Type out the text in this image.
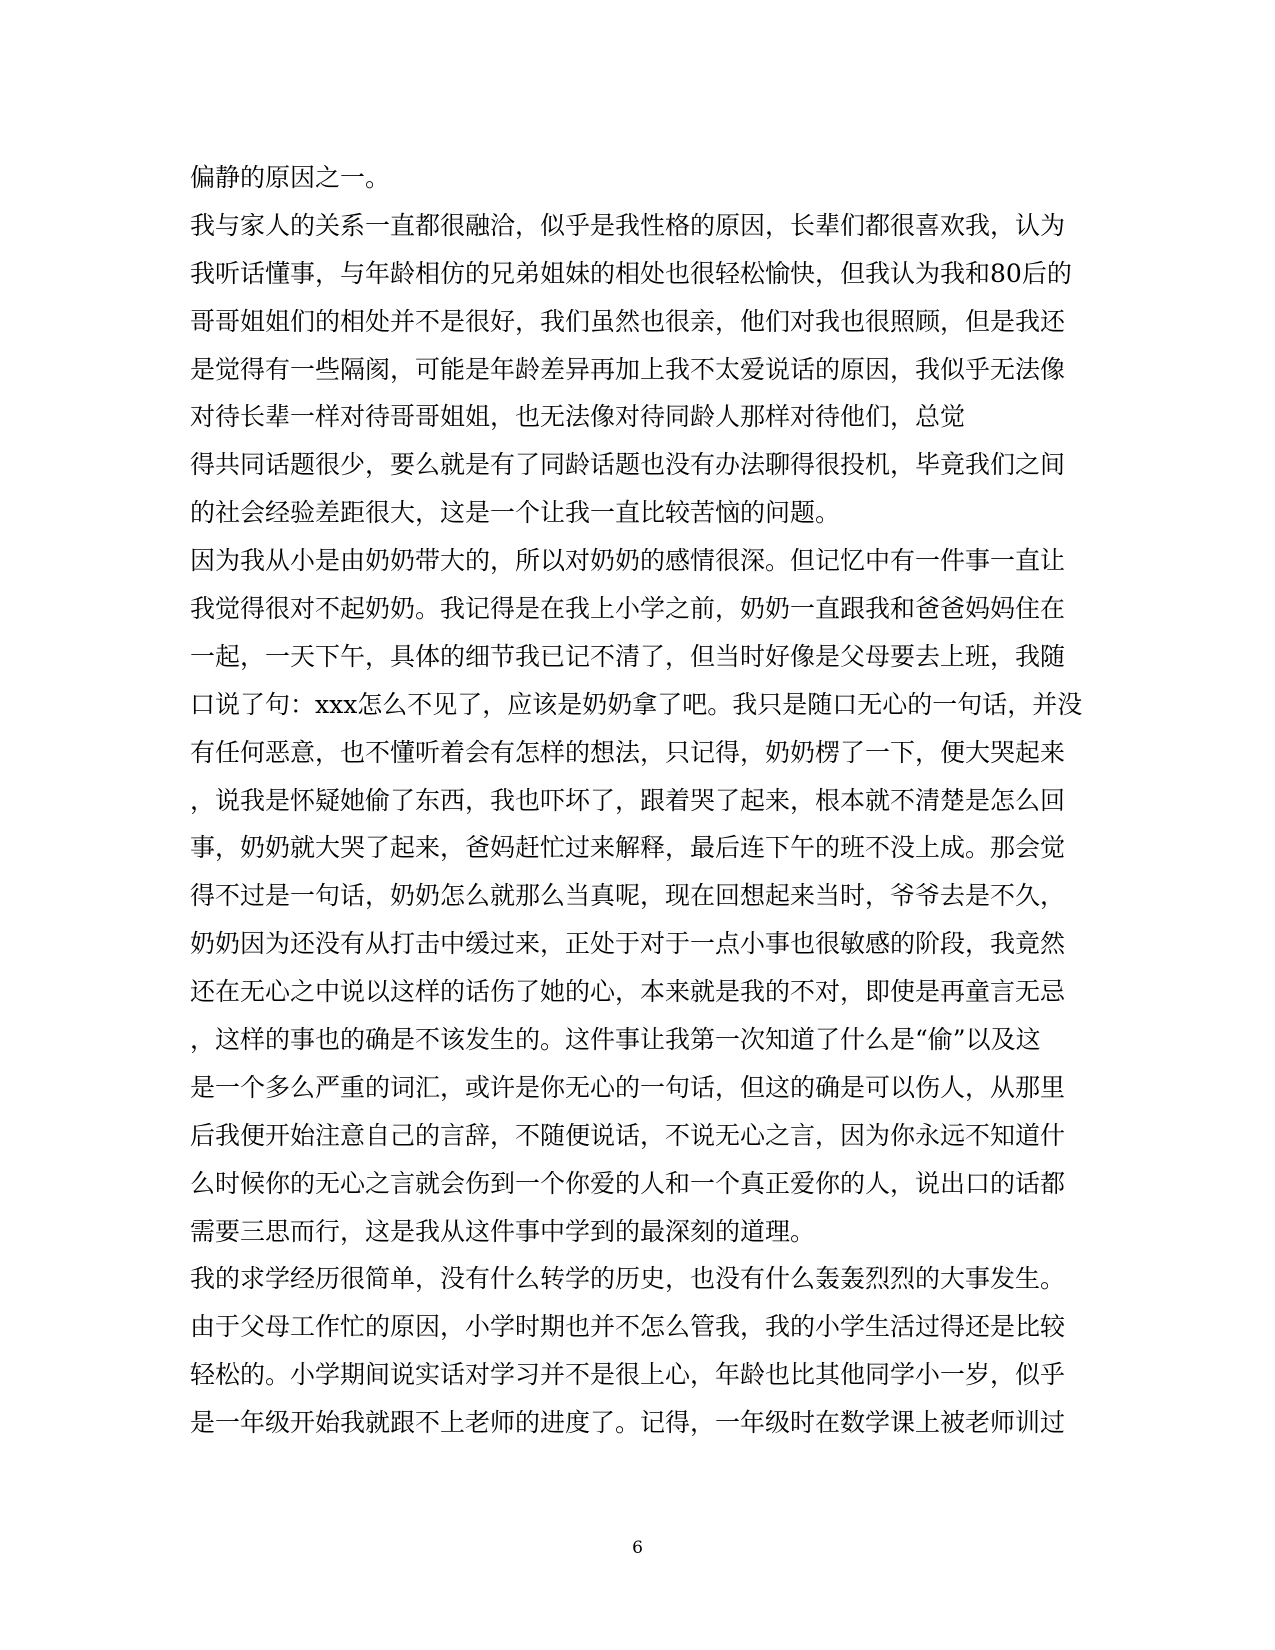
偏静的原因之一。
我与家人的关系一直都很融洽，似乎是我性格的原因，长辈们都很喜欢我，认为
我听话懂事，与年龄相仿的兄弟姐妹的相处也很轻松愉快，但我认为我和80后的
哥哥姐姐们的相处并不是很好，我们虽然也很亲，他们对我也很照顾，但是我还
是觉得有一些隔阂，可能是年龄差异再加上我不太爱说话的原因，我似乎无法像
对待长辈一样对待哥哥姐姐，也无法像对待同龄人那样对待他们，总觉
得共同话题很少，要么就是有了同龄话题也没有办法聊得很投机，毕竟我们之间
的社会经验差距很大，这是一个让我一直比较苦恼的问题。
因为我从小是由奶奶带大的，所以对奶奶的感情很深。但记忆中有一件事一直让
我觉得很对不起奶奶。我记得是在我上小学之前，奶奶一直跟我和爸爸妈妈住在
一起，一天下午，具体的细节我已记不清了，但当时好像是父母要去上班，我随
口说了句：xxx怎么不见了，应该是奶奶拿了吧。我只是随口无心的一句话，并没
有任何恶意，也不懂听着会有怎样的想法，只记得，奶奶楞了一下，便大哭起来
，说我是怀疑她偷了东西，我也吓坏了，跟着哭了起来，根本就不清楚是怎么回
事，奶奶就大哭了起来，爸妈赶忙过来解释，最后连下午的班不没上成。那会觉
得不过是一句话，奶奶怎么就那么当真呢，现在回想起来当时，爷爷去是不久，
奶奶因为还没有从打击中缓过来，正处于对于一点小事也很敏感的阶段，我竟然
还在无心之中说以这样的话伤了她的心，本来就是我的不对，即使是再童言无忌
，这样的事也的确是不该发生的。这件事让我第一次知道了什么是“偷”以及这
是一个多么严重的词汇，或许是你无心的一句话，但这的确是可以伤人，从那里
后我便开始注意自己的言辞，不随便说话，不说无心之言，因为你永远不知道什
么时候你的无心之言就会伤到一个你爱的人和一个真正爱你的人，说出口的话都
需要三思而行，这是我从这件事中学到的最深刻的道理。
我的求学经历很简单，没有什么转学的历史，也没有什么轰轰烈烈的大事发生。
由于父母工作忙的原因，小学时期也并不怎么管我，我的小学生活过得还是比较
轻松的。小学期间说实话对学习并不是很上心，年龄也比其他同学小一岁，似乎
是一年级开始我就跟不上老师的进度了。记得，一年级时在数学课上被老师训过
6
